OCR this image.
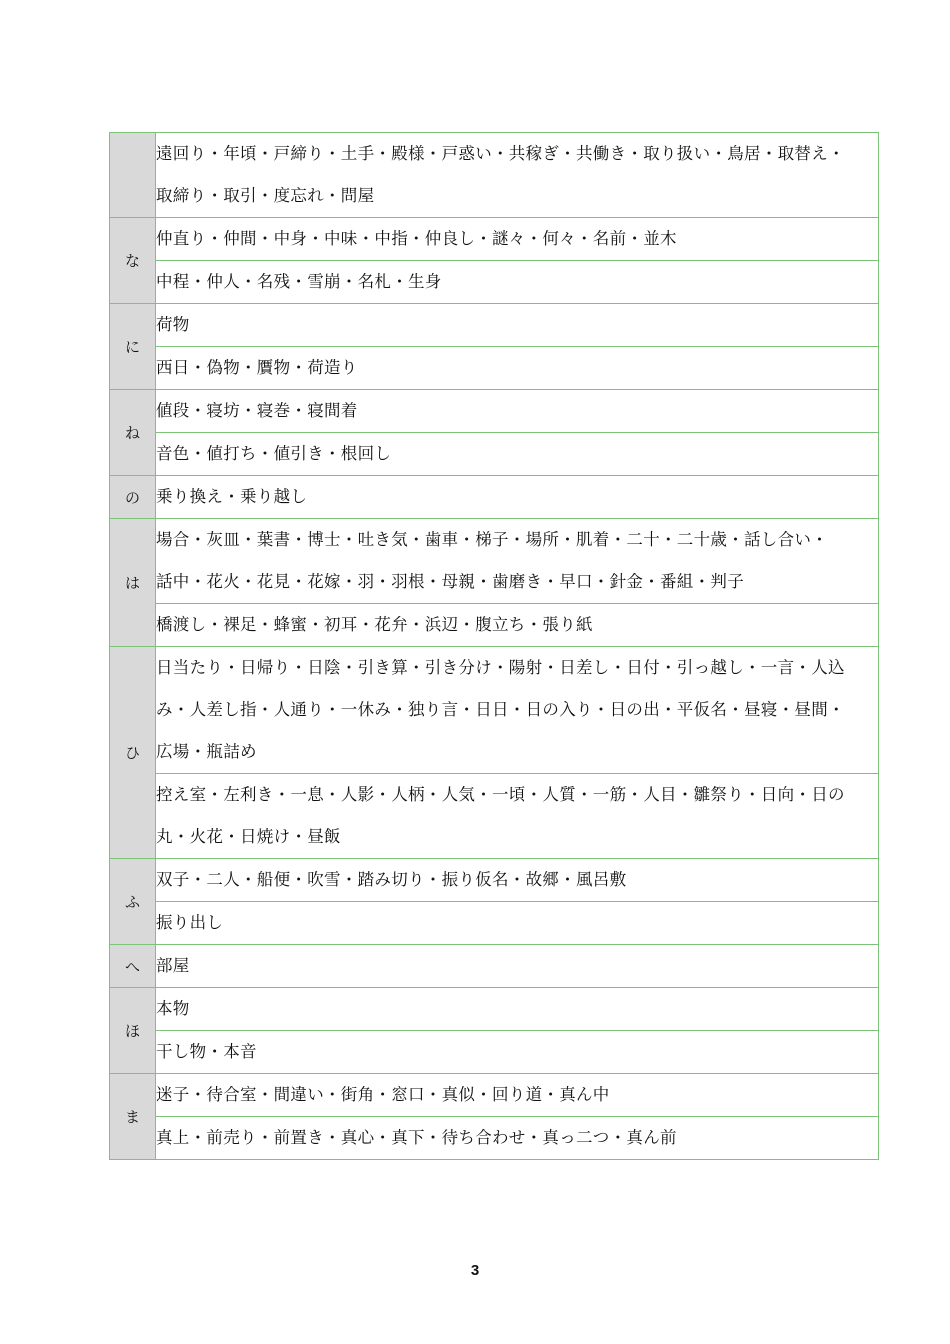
	遠回り・年頃・戸締り・土手・殿様・戸惑い・共稼ぎ・共働き・取り扱い・鳥居・取替え・
取締り・取引・度忘れ・問屋

な	仲直り・仲間・中身・中味・中指・仲良し・謎々・何々・名前・並木

	中程・仲人・名残・雪崩・名札・生身

に	荷物

	西日・偽物・贋物・荷造り

ね	値段・寝坊・寝巻・寝間着

	音色・値打ち・値引き・根回し

の	乗り換え・乗り越し

は	場合・灰皿・葉書・博士・吐き気・歯車・梯子・場所・肌着・二十・二十歳・話し合い・
話中・花火・花見・花嫁・羽・羽根・母親・歯磨き・早口・針金・番組・判子

	橋渡し・裸足・蜂蜜・初耳・花弁・浜辺・腹立ち・張り紙

ひ	日当たり・日帰り・日陰・引き算・引き分け・陽射・日差し・日付・引っ越し・一言・人込
み・人差し指・人通り・一休み・独り言・日日・日の入り・日の出・平仮名・昼寝・昼間・
広場・瓶詰め

	控え室・左利き・一息・人影・人柄・人気・一頃・人質・一筋・人目・雛祭り・日向・日の
丸・火花・日焼け・昼飯

ふ	双子・二人・船便・吹雪・踏み切り・振り仮名・故郷・風呂敷

	振り出し

へ	部屋

ほ	本物

	干し物・本音

ま	迷子・待合室・間違い・街角・窓口・真似・回り道・真ん中

	真上・前売り・前置き・真心・真下・待ち合わせ・真っ二つ・真ん前
3
